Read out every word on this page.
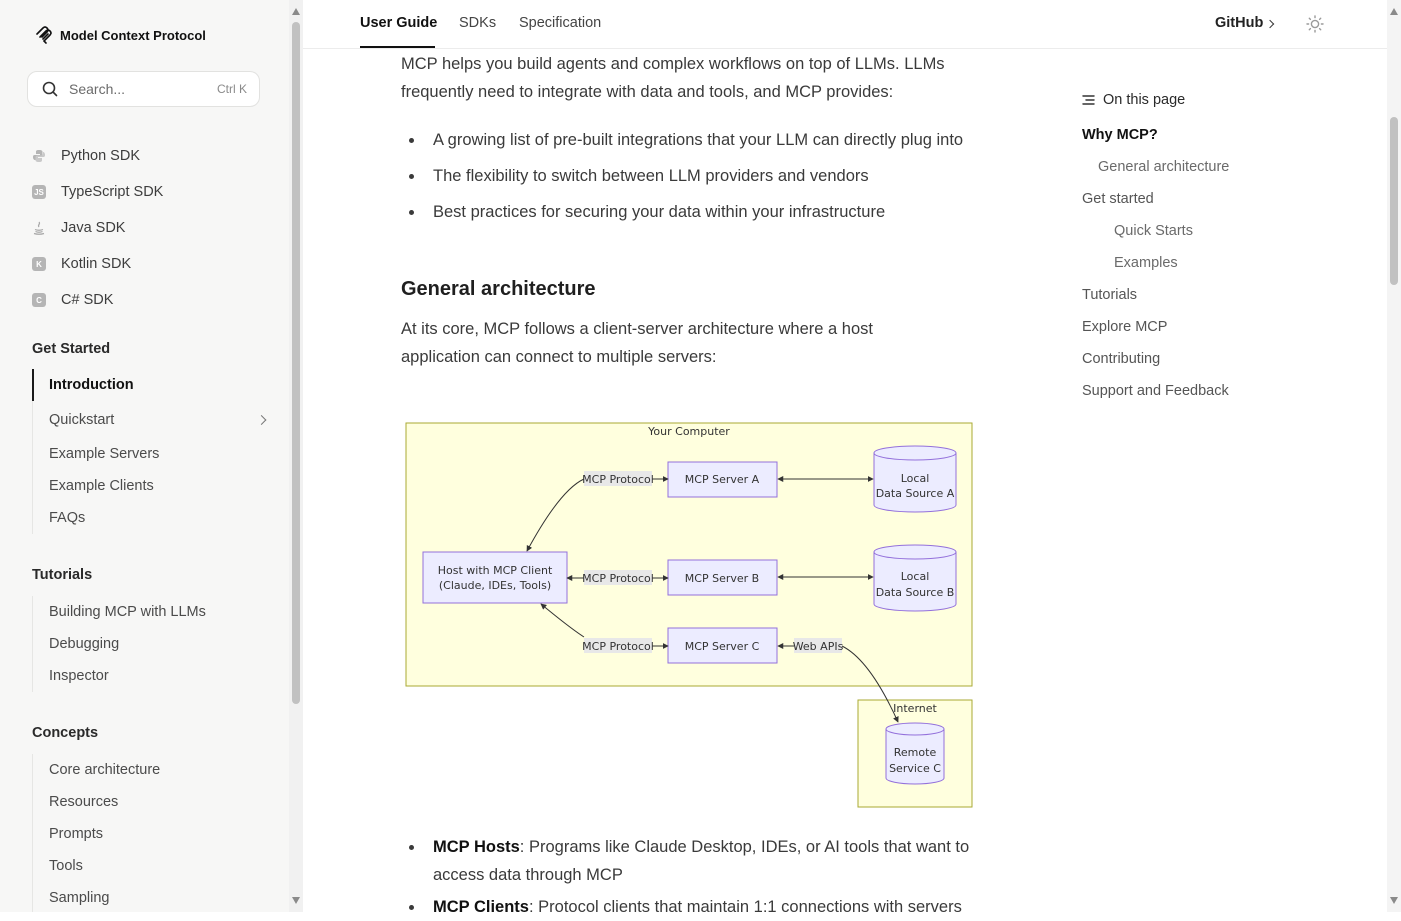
Model Context Protocol
Search...	Ctrl K
Python SDK
JS TypeScript SDK
Java SDK
K Kotlin SDK
C C# SDK
Get Started
Introduction
Quickstart
Example Servers
Example Clients
FAQs
Tutorials
Building MCP with LLMs
Debugging
Inspector
Concepts
Core architecture
Resources
Prompts
Tools
Sampling
User Guide SDKs Specification	GitHub

MCP helps you build agents and complex workflows on top of LLMs. LLMs frequently need to integrate with data and tools, and MCP provides:

A growing list of pre-built integrations that your LLM can directly plug into
The flexibility to switch between LLM providers and vendors
Best practices for securing your data within your infrastructure
General architecture

At its core, MCP follows a client-server architecture where a host application can connect to multiple servers:

Your Computer
Internet
Host with MCP Client
(Claude, IDEs, Tools)
MCP Server A
MCP Server B
MCP Server C
Local
Data Source A
Local
Data Source B
Remote
Service C
MCP Protocol
MCP Protocol
MCP Protocol	Web APIs
MCP Hosts: Programs like Claude Desktop, IDEs, or AI tools that want to access data through MCP
MCP Clients: Protocol clients that maintain 1:1 connections with servers
On this page
Why MCP?
General architecture
Get started
Quick Starts
Examples
Tutorials
Explore MCP
Contributing
Support and Feedback
